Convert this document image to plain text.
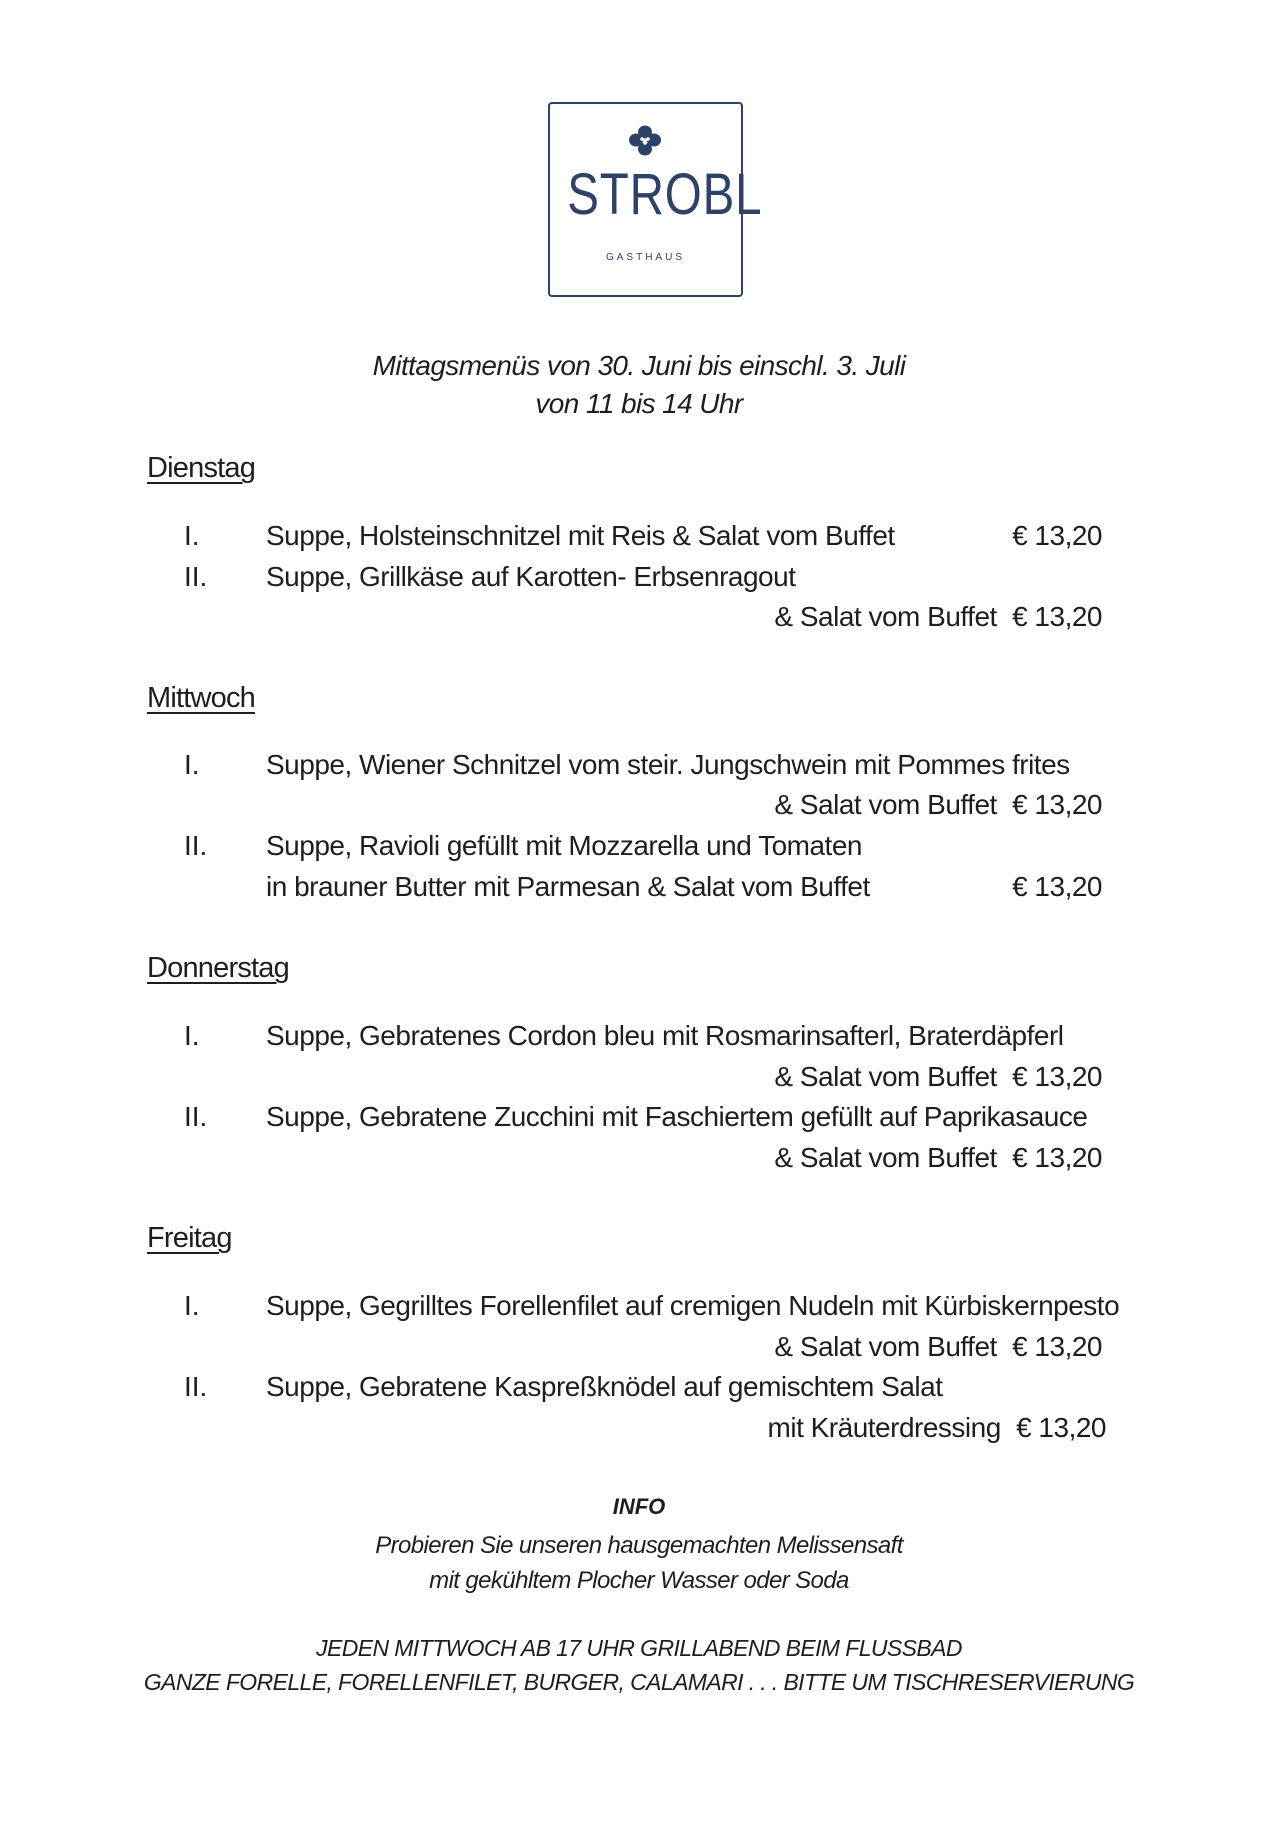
STROBL
GASTHAUS
Mittagsmenüs von 30. Juni bis einschl. 3. Juli
von 11 bis 14 Uhr
Dienstag
I. Suppe, Holsteinschnitzel mit Reis & Salat vom Buffet	€ 13,20
II. Suppe, Grillkäse auf Karotten- Erbsenragout
& Salat vom Buffet € 13,20
Mittwoch
I. Suppe, Wiener Schnitzel vom steir. Jungschwein mit Pommes frites
& Salat vom Buffet € 13,20
II. Suppe, Ravioli gefüllt mit Mozzarella und Tomaten
in brauner Butter mit Parmesan & Salat vom Buffet	€ 13,20
Donnerstag
I. Suppe, Gebratenes Cordon bleu mit Rosmarinsafterl, Braterdäpferl
& Salat vom Buffet € 13,20
II. Suppe, Gebratene Zucchini mit Faschiertem gefüllt auf Paprikasauce
& Salat vom Buffet € 13,20
Freitag
I. Suppe, Gegrilltes Forellenfilet auf cremigen Nudeln mit Kürbiskernpesto
& Salat vom Buffet € 13,20
II. Suppe, Gebratene Kaspreßknödel auf gemischtem Salat
mit Kräuterdressing € 13,20
INFO
Probieren Sie unseren hausgemachten Melissensaft
mit gekühltem Plocher Wasser oder Soda
JEDEN MITTWOCH AB 17 UHR GRILLABEND BEIM FLUSSBAD
GANZE FORELLE, FORELLENFILET, BURGER, CALAMARI . . . BITTE UM TISCHRESERVIERUNG
